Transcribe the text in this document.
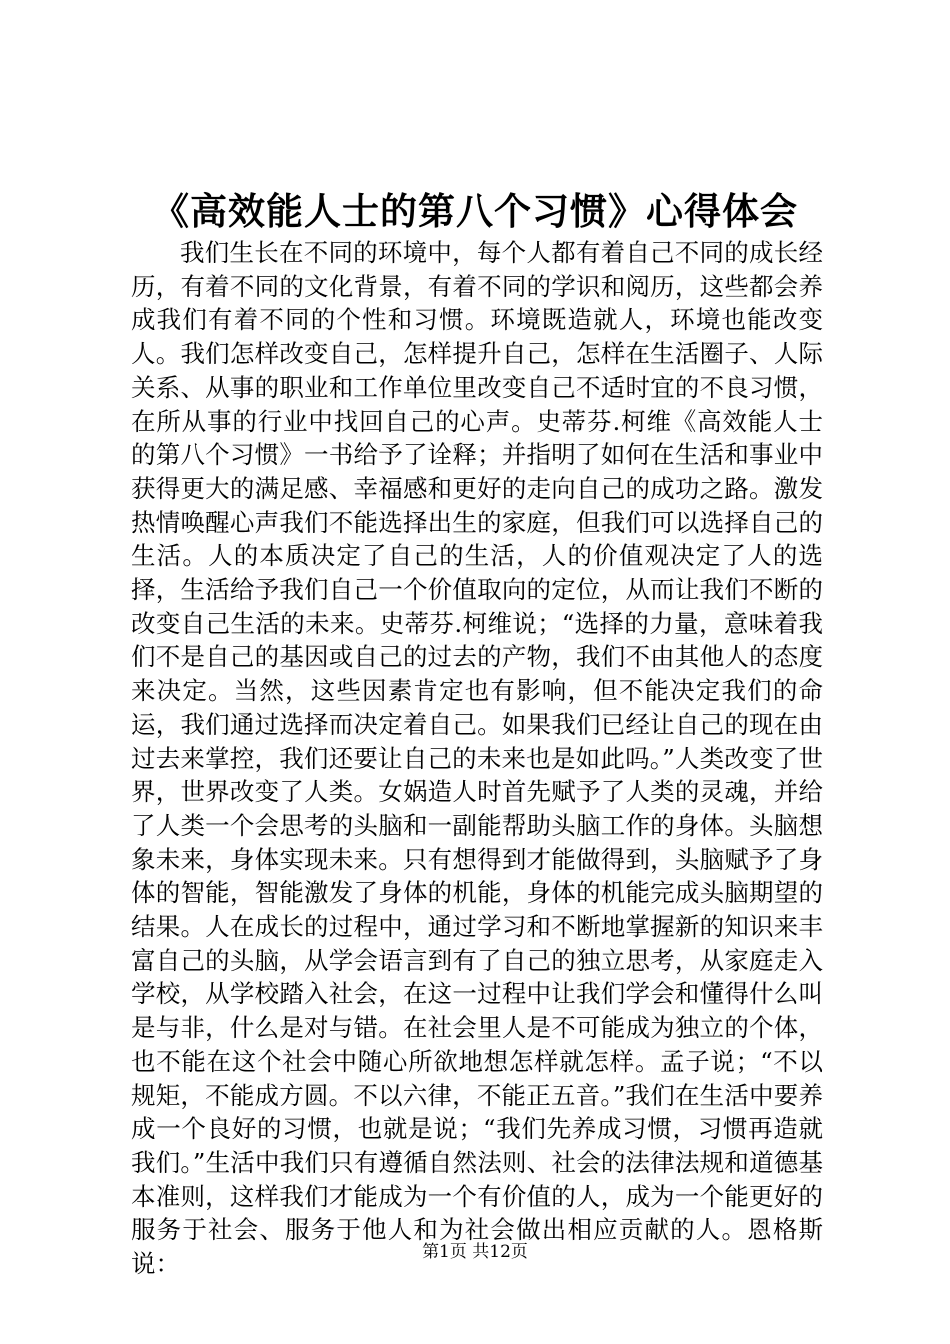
《高效能人士的第八个习惯》心得体会

我们生长在不同的环境中，每个人都有着自己不同的成长经历，有着不同的文化背景，有着不同的学识和阅历，这些都会养成我们有着不同的个性和习惯。环境既造就人，环境也能改变人。我们怎样改变自己，怎样提升自己，怎样在生活圈子、人际关系、从事的职业和工作单位里改变自己不适时宜的不良习惯，在所从事的行业中找回自己的心声。史蒂芬.柯维《高效能人士的第八个习惯》一书给予了诠释；并指明了如何在生活和事业中获得更大的满足感、幸福感和更好的走向自己的成功之路。激发热情唤醒心声我们不能选择出生的家庭，但我们可以选择自己的生活。人的本质决定了自己的生活，人的价值观决定了人的选择，生活给予我们自己一个价值取向的定位，从而让我们不断的改变自己生活的未来。史蒂芬.柯维说；“选择的力量，意味着我们不是自己的基因或自己的过去的产物，我们不由其他人的态度来决定。当然，这些因素肯定也有影响，但不能决定我们的命运，我们通过选择而决定着自己。如果我们已经让自己的现在由过去来掌控，我们还要让自己的未来也是如此吗。”人类改变了世界，世界改变了人类。女娲造人时首先赋予了人类的灵魂，并给了人类一个会思考的头脑和一副能帮助头脑工作的身体。头脑想象未来，身体实现未来。只有想得到才能做得到，头脑赋予了身体的智能，智能激发了身体的机能，身体的机能完成头脑期望的结果。人在成长的过程中，通过学习和不断地掌握新的知识来丰富自己的头脑，从学会语言到有了自己的独立思考，从家庭走入学校，从学校踏入社会，在这一过程中让我们学会和懂得什么叫是与非，什么是对与错。在社会里人是不可能成为独立的个体，也不能在这个社会中随心所欲地想怎样就怎样。孟子说；“不以规矩，不能成方圆。不以六律，不能正五音。”我们在生活中要养成一个良好的习惯，也就是说；“我们先养成习惯，习惯再造就我们。”生活中我们只有遵循自然法则、社会的法律法规和道德基本准则，这样我们才能成为一个有价值的人，成为一个能更好的服务于社会、服务于他人和为社会做出相应贡献的人。恩格斯说：	第1页 共12页
